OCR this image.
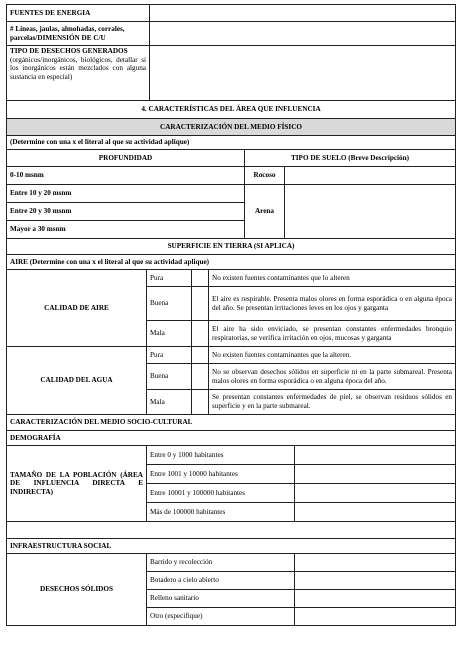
FUENTES DE ENERGIA	
# Líneas, jaulas, almohadas, corrales, parcelas/DIMENSIÓN DE C/U	

TIPO DE DESECHOS GENERADOS
(orgánicos/inorgánicos, biológicos, detallar si los inorgánicos están mezclados con alguna sustancia en especial)	

4. CARACTERÍSTICAS DEL ÁREA QUE INFLUENCIA		
CARACTERIZACIÓN DEL MEDIO FÍSICO		
(Determine con una x el literal al que su actividad aplique)		
PROFUNDIDAD	TIPO DE SUELO (Breve Descripción)	
0-10 msnm	Rocoso	
Entre 10 y 20 msnm	Arena	
Entre 20 y 30 msnm		
Mayor a 30 msnm		
SUPERFICIE EN TIERRA (SI APLICA)			
AIRE (Determine con una x el literal al que su actividad aplique)			
CALIDAD DE AIRE	Pura		No existen fuentes contaminantes que lo alteren
	Buena		El aire es respirable. Presenta malos olores en forma esporádica o en alguna época del año. Se presentan irritaciones leves en los ojos y garganta
	Mala		El aire ha sido enviciado, se presentan constantes enfermedades bronquio respiratorias, se verifica irritación en ojos, mucosas y garganta
CALIDAD DEL AGUA	Pura		No existen fuentes contaminantes que la alteren.
	Buena		No se observan desechos sólidos en superficie ni en la parte submareal. Presenta malos olores en forma esporádica o en alguna época del año.
	Mala		Se presentan constantes enfermedades de piel, se observan residuos sólidos en superficie y en la parte submareal.
CARACTERIZACIÓN DEL MEDIO SOCIO-CULTURAL		
DEMOGRAFÍA		
TAMAÑO DE LA POBLACIÓN (ÁREA DE INFLUENCIA DIRECTA E INDIRECTA)	Entre 0 y 1000 habitantes	
	Entre 1001 y 10000 habitantes	
	Entre 10001 y 100000 habitantes	
	Más de 100000 habitantes	

INFRAESTRUCTURA SOCIAL		
DESECHOS SÓLIDOS	Barrido y recolección	
	Botadero a cielo abierto	
	Relleno sanitario	
	Otro (especifique)	
